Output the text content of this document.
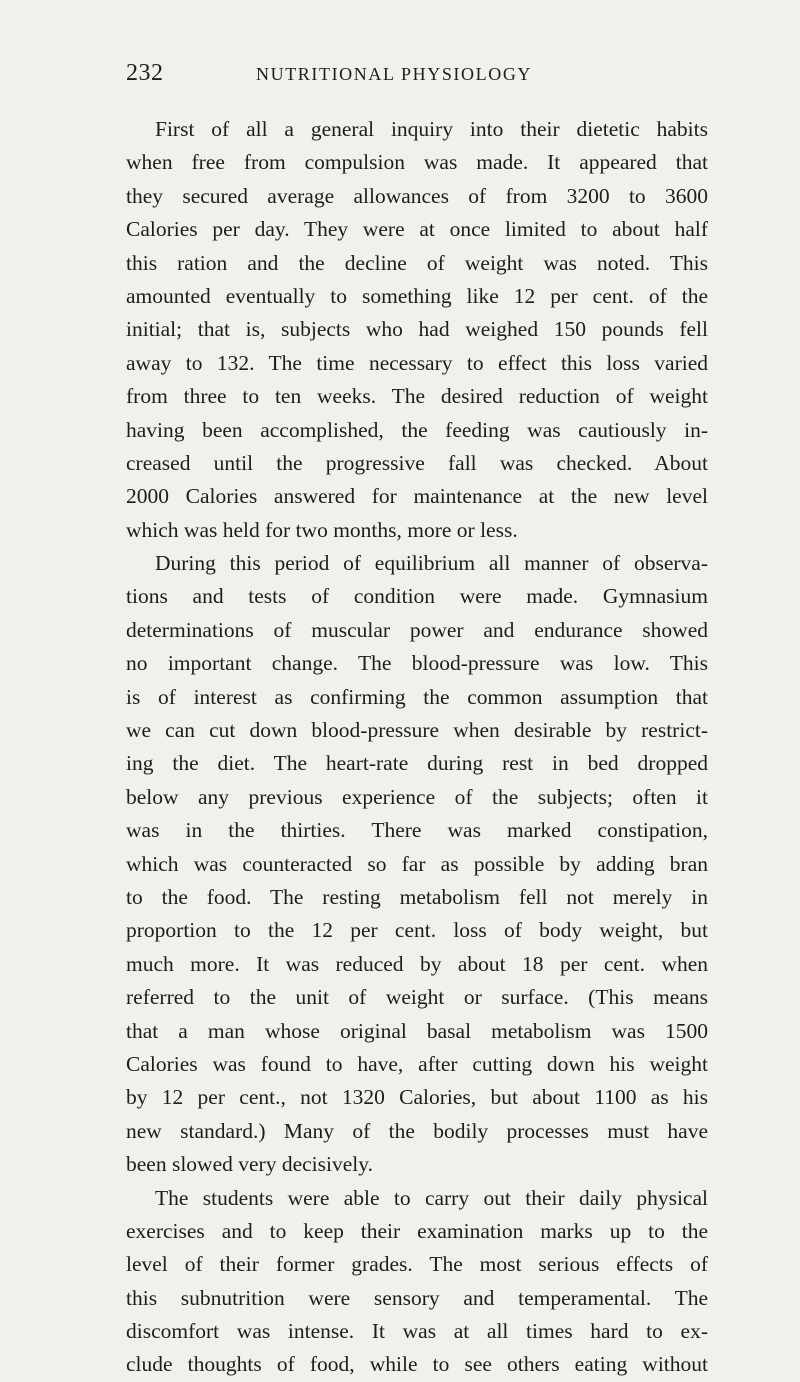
232	NUTRITIONAL PHYSIOLOGY
First of all a general inquiry into their dietetic habits
when free from compulsion was made. It appeared that
they secured average allowances of from 3200 to 3600
Calories per day. They were at once limited to about half
this ration and the decline of weight was noted. This
amounted eventually to something like 12 per cent. of the
initial; that is, subjects who had weighed 150 pounds fell
away to 132. The time necessary to effect this loss varied
from three to ten weeks. The desired reduction of weight
having been accomplished, the feeding was cautiously in-
creased until the progressive fall was checked. About
2000 Calories answered for maintenance at the new level
which was held for two months, more or less.
During this period of equilibrium all manner of observa-
tions and tests of condition were made. Gymnasium
determinations of muscular power and endurance showed
no important change. The blood-pressure was low. This
is of interest as confirming the common assumption that
we can cut down blood-pressure when desirable by restrict-
ing the diet. The heart-rate during rest in bed dropped
below any previous experience of the subjects; often it
was in the thirties. There was marked constipation,
which was counteracted so far as possible by adding bran
to the food. The resting metabolism fell not merely in
proportion to the 12 per cent. loss of body weight, but
much more. It was reduced by about 18 per cent. when
referred to the unit of weight or surface. (This means
that a man whose original basal metabolism was 1500
Calories was found to have, after cutting down his weight
by 12 per cent., not 1320 Calories, but about 1100 as his
new standard.) Many of the bodily processes must have
been slowed very decisively.
The students were able to carry out their daily physical
exercises and to keep their examination marks up to the
level of their former grades. The most serious effects of
this subnutrition were sensory and temperamental. The
discomfort was intense. It was at all times hard to ex-
clude thoughts of food, while to see others eating without
